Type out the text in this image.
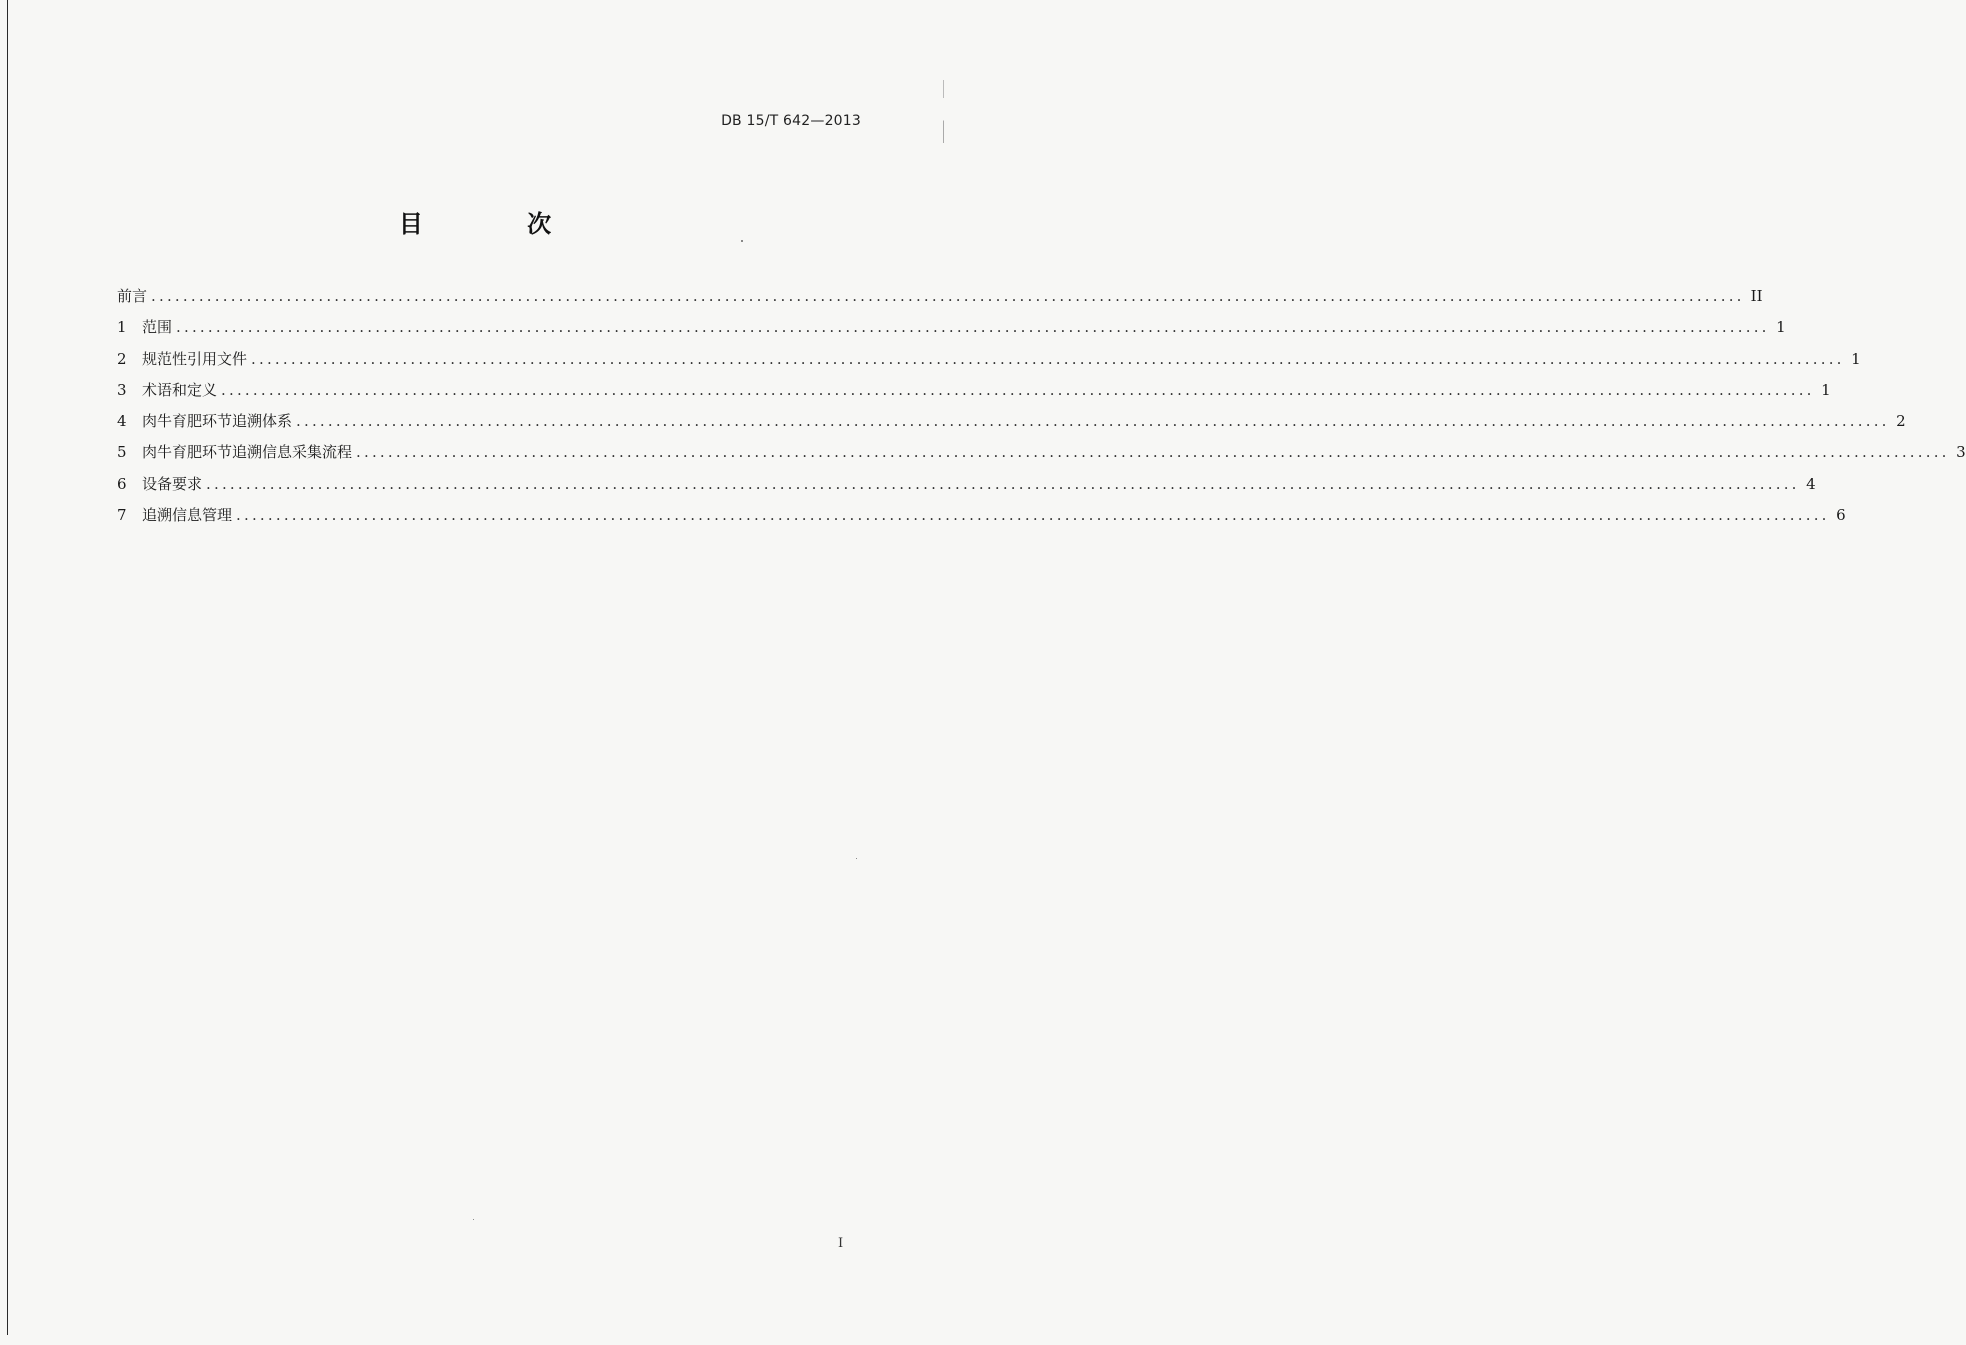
DB 15/T 642—2013
目 次
前言 ........................................................................................................................................................................................................ II
1	范围 ........................................................................................................................................................................................................ 1
2	规范性引用文件 ........................................................................................................................................................................................................ 1
3	术语和定义 ........................................................................................................................................................................................................ 1
4	肉牛育肥环节追溯体系 ........................................................................................................................................................................................................ 2
5	肉牛育肥环节追溯信息采集流程 ........................................................................................................................................................................................................ 3
6	设备要求 ........................................................................................................................................................................................................ 4
7	追溯信息管理 ........................................................................................................................................................................................................ 6
I
